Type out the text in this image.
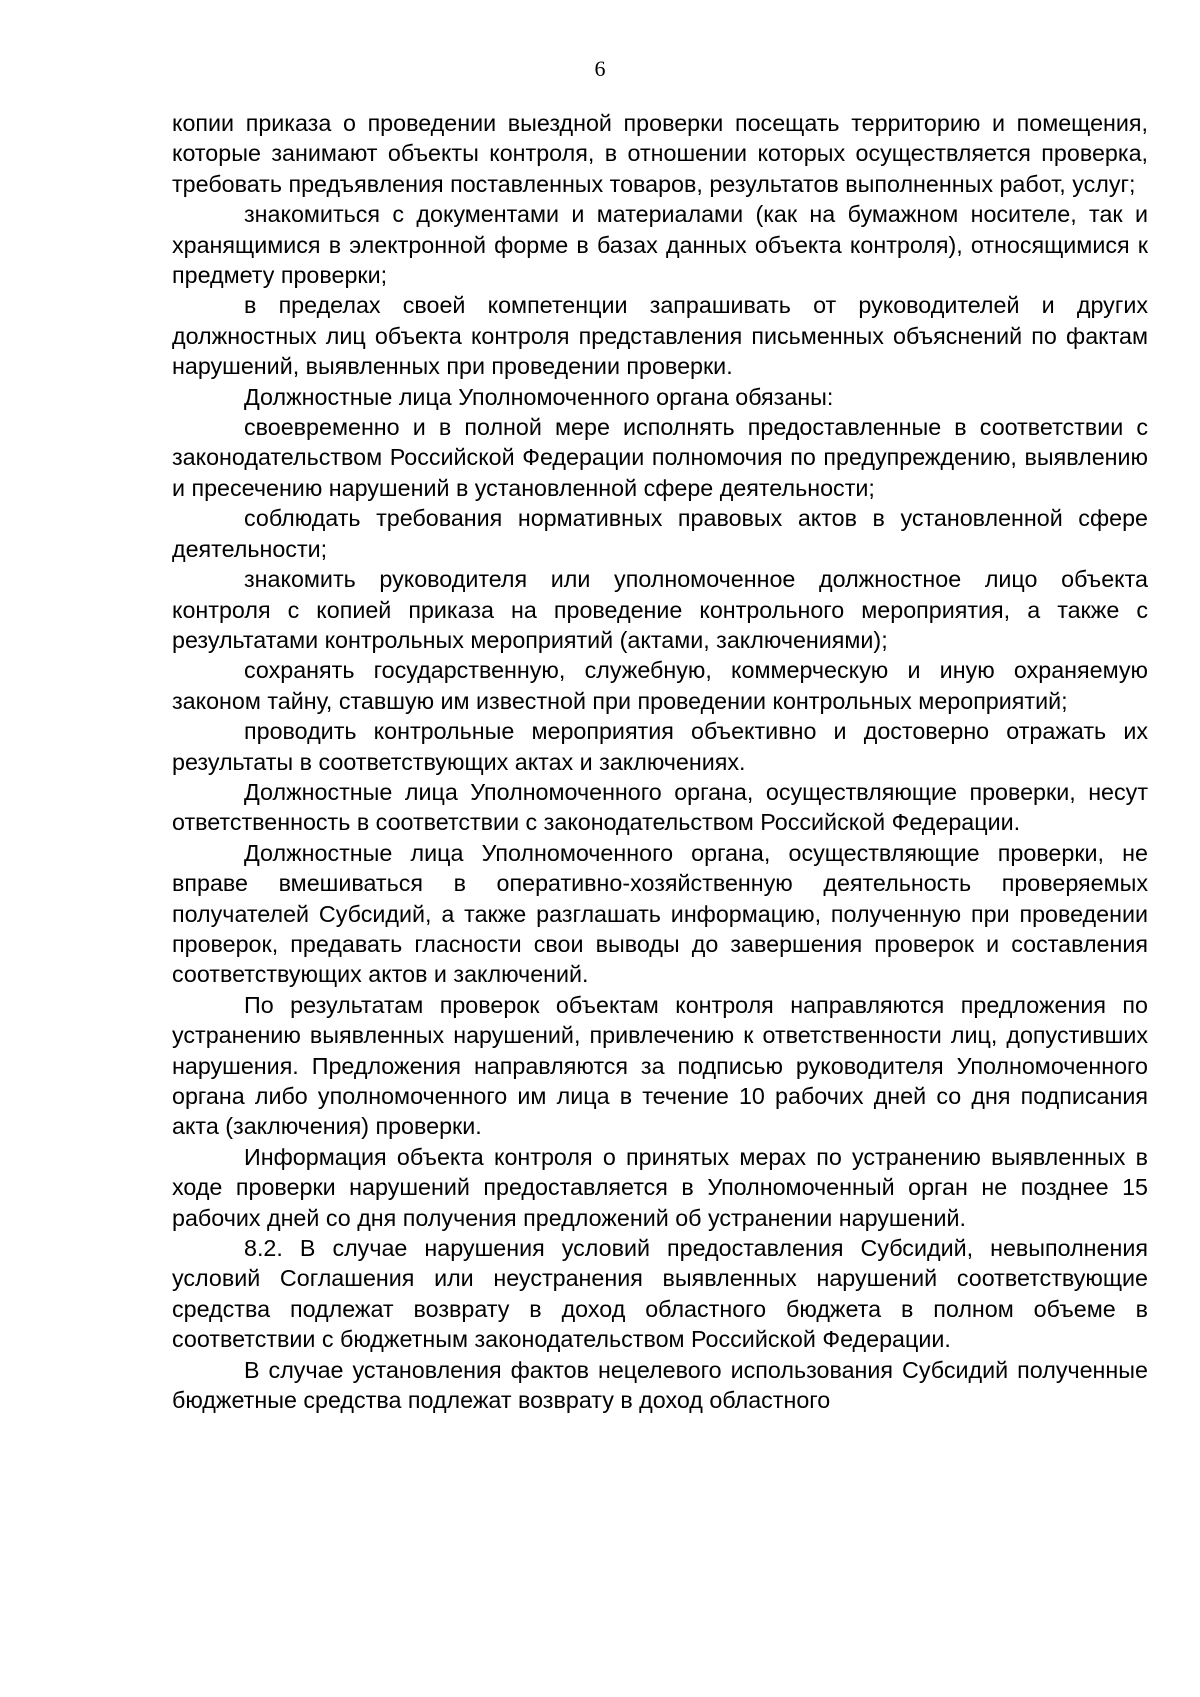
6

копии приказа о проведении выездной проверки посещать территорию и помещения, которые занимают объекты контроля, в отношении которых осуществляется проверка, требовать предъявления поставленных товаров, результатов выполненных работ, услуг;

знакомиться с документами и материалами (как на бумажном носителе, так и хранящимися в электронной форме в базах данных объекта контроля), относящимися к предмету проверки;

в пределах своей компетенции запрашивать от руководителей и других должностных лиц объекта контроля представления письменных объяснений по фактам нарушений, выявленных при проведении проверки.

Должностные лица Уполномоченного органа обязаны:

своевременно и в полной мере исполнять предоставленные в соответствии с законодательством Российской Федерации полномочия по предупреждению, выявлению и пресечению нарушений в установленной сфере деятельности;

соблюдать требования нормативных правовых актов в установленной сфере деятельности;

знакомить руководителя или уполномоченное должностное лицо объекта контроля с копией приказа на проведение контрольного мероприятия, а также с результатами контрольных мероприятий (актами, заключениями);

сохранять государственную, служебную, коммерческую и иную охраняемую законом тайну, ставшую им известной при проведении контрольных мероприятий;

проводить контрольные мероприятия объективно и достоверно отражать их результаты в соответствующих актах и заключениях.

Должностные лица Уполномоченного органа, осуществляющие проверки, несут ответственность в соответствии с законодательством Российской Федерации.

Должностные лица Уполномоченного органа, осуществляющие проверки, не вправе вмешиваться в оперативно-хозяйственную деятельность проверяемых получателей Субсидий, а также разглашать информацию, полученную при проведении проверок, предавать гласности свои выводы до завершения проверок и составления соответствующих актов и заключений.

По результатам проверок объектам контроля направляются предложения по устранению выявленных нарушений, привлечению к ответственности лиц, допустивших нарушения. Предложения направляются за подписью руководителя Уполномоченного органа либо уполномоченного им лица в течение 10 рабочих дней со дня подписания акта (заключения) проверки.

Информация объекта контроля о принятых мерах по устранению выявленных в ходе проверки нарушений предоставляется в Уполномоченный орган не позднее 15 рабочих дней со дня получения предложений об устранении нарушений.

8.2. В случае нарушения условий предоставления Субсидий, невыполнения условий Соглашения или неустранения выявленных нарушений соответствующие средства подлежат возврату в доход областного бюджета в полном объеме в соответствии с бюджетным законодательством Российской Федерации.

В случае установления фактов нецелевого использования Субсидий полученные бюджетные средства подлежат возврату в доход областного
